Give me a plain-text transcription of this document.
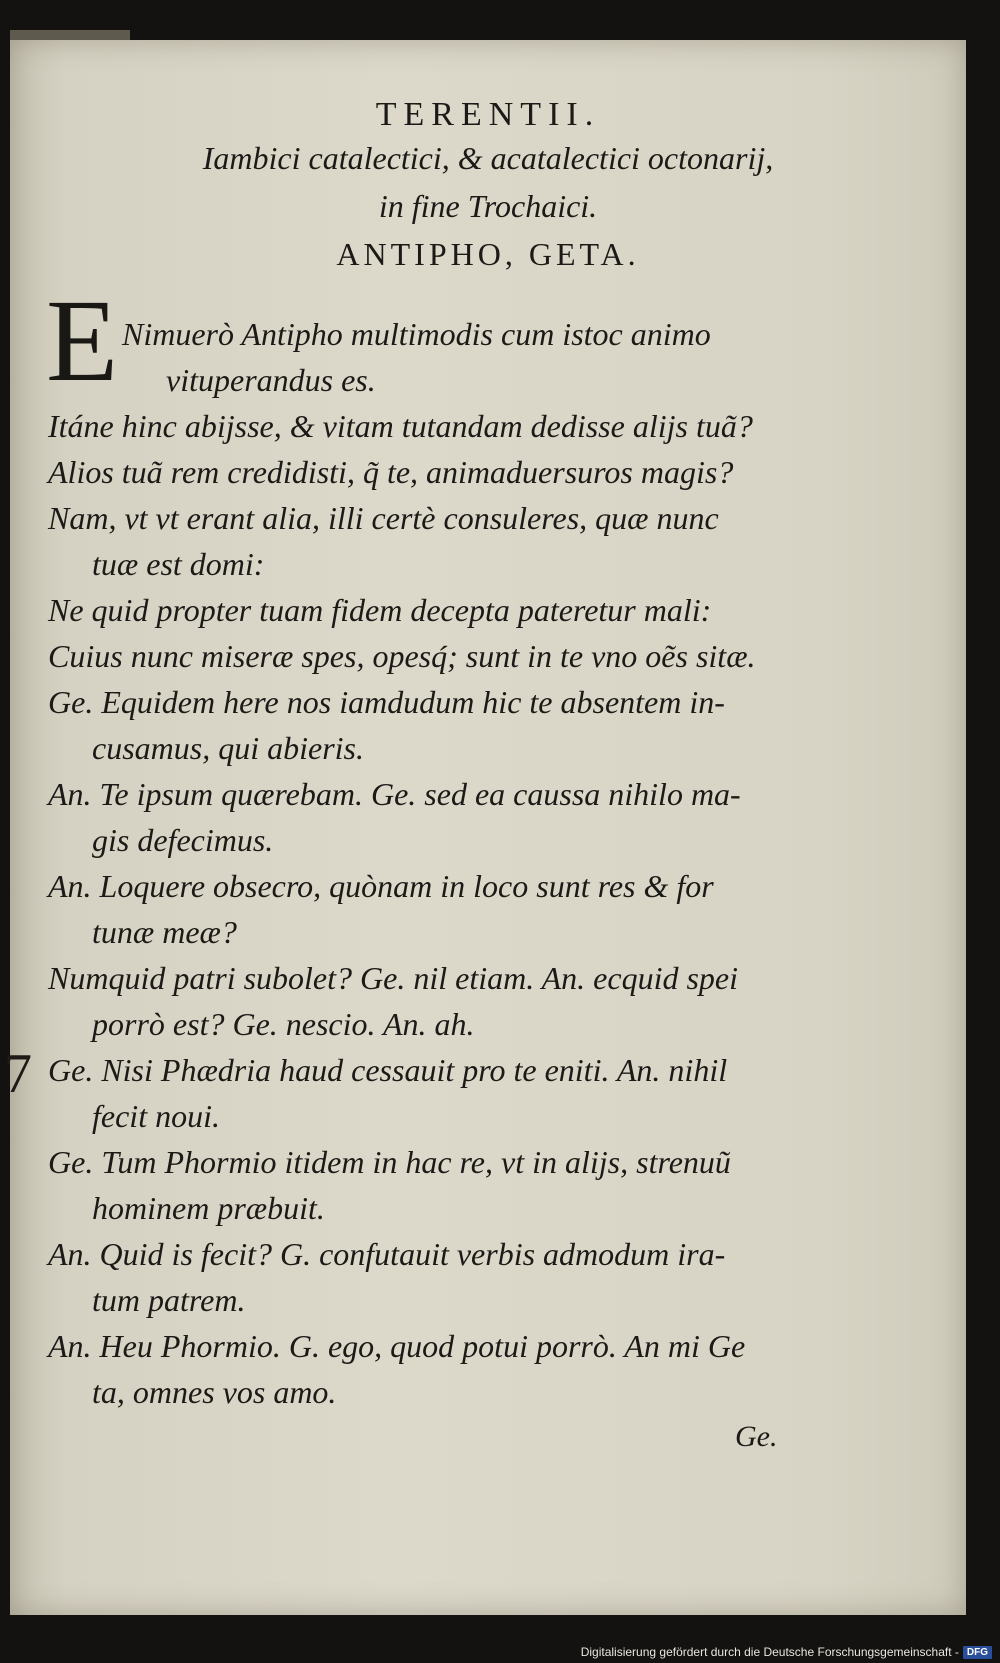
TERENTII.
Iambici catalectici, & acatalectici octonarij,
in fine Trochaici.
ANTIPHO, GETA.
E Nimuerò Antipho multimodis cum istoc animo
vituperandus es.
Itáne hinc abijsse, & vitam tutandam dedisse alijs tuã?
Alios tuã rem credidisti, q̃ te, animaduersuros magis?
Nam, vt vt erant alia, illi certè consuleres, quæ nunc
tuæ est domi:
Ne quid propter tuam fidem decepta pateretur mali:
Cuius nunc miseræ spes, opesq́; sunt in te vno oẽs sitæ.
Ge. Equidem here nos iamdudum hic te absentem in-
cusamus, qui abieris.
An. Te ipsum quærebam. Ge. sed ea caussa nihilo ma-
gis defecimus.
An. Loquere obsecro, quònam in loco sunt res & for
tunæ meæ?
Numquid patri subolet? Ge. nil etiam. An. ecquid spei
porrò est? Ge. nescio. An. ah.
Ge. Nisi Phædria haud cessauit pro te eniti. An. nihil
fecit noui.
Ge. Tum Phormio itidem in hac re, vt in alijs, strenuũ
hominem præbuit.
An. Quid is fecit? G. confutauit verbis admodum ira-
tum patrem.
An. Heu Phormio. G. ego, quod potui porrò. An mi Ge
ta, omnes vos amo.
7
Ge.
Digitalisierung gefördert durch die Deutsche Forschungsgemeinschaft - DFG
